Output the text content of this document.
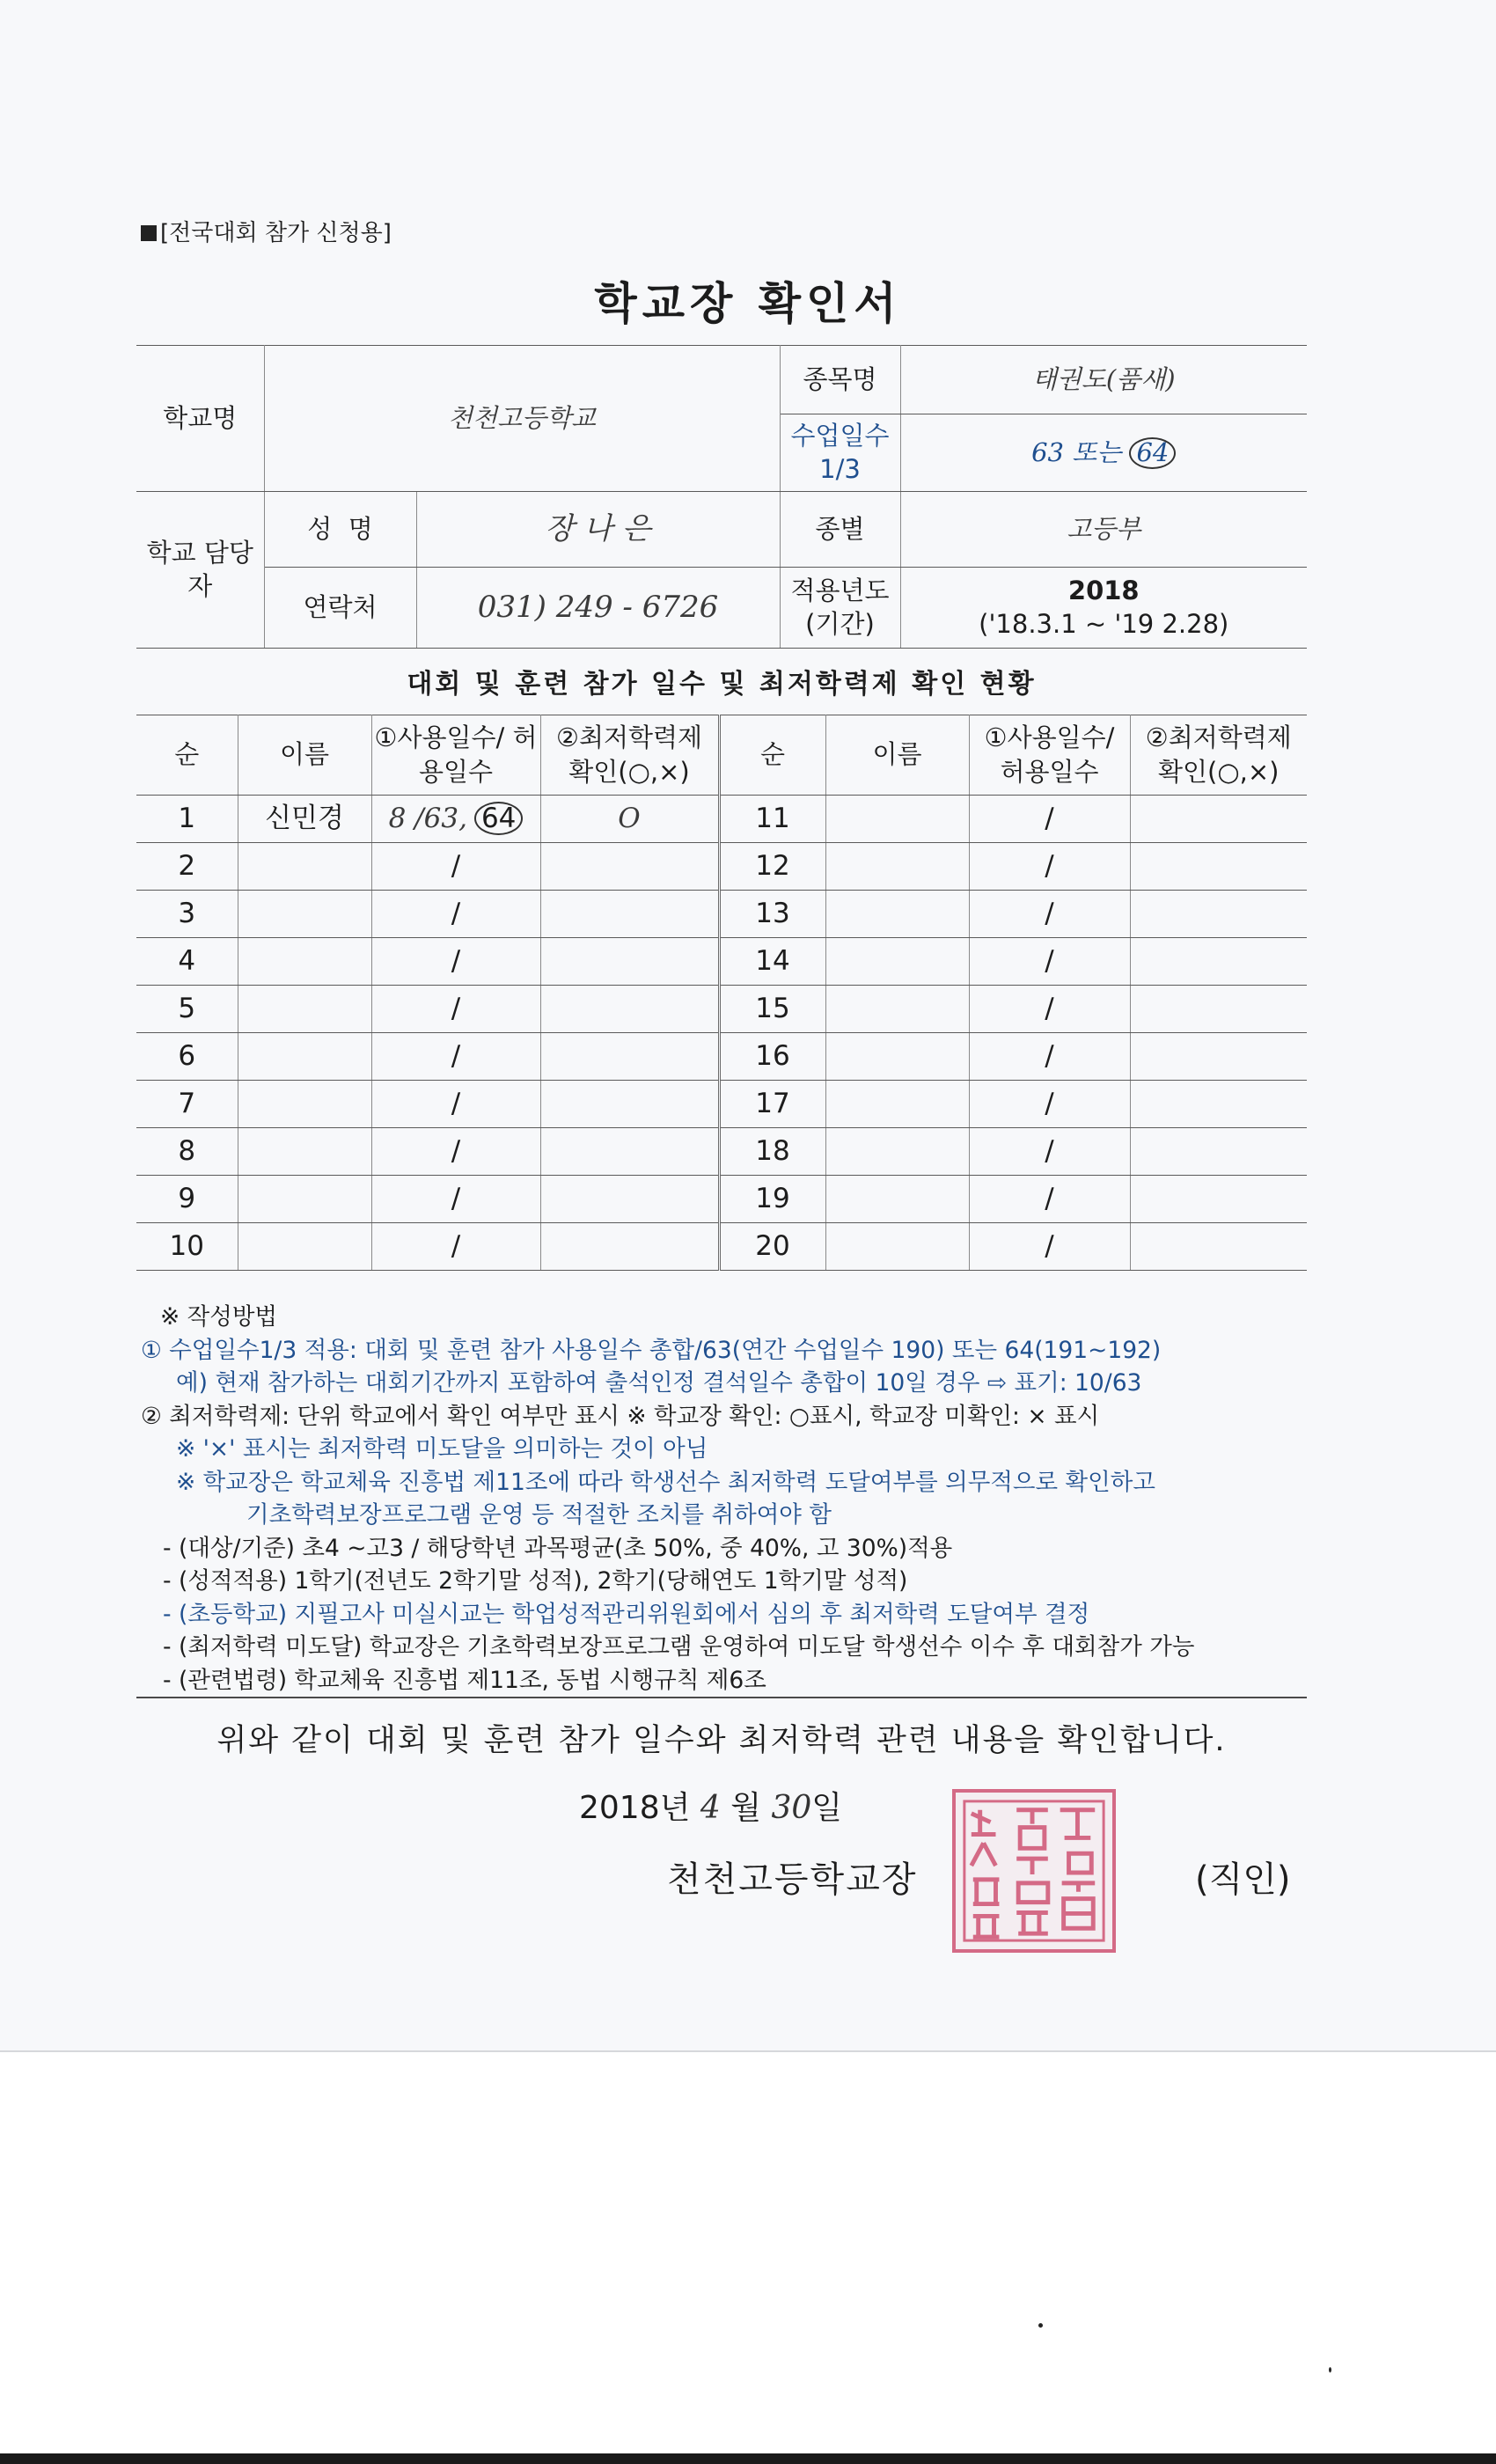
[전국대회 참가 신청용]
학교장 확인서
학교명	천천고등학교		종목명	태권도(품새)
			수업일수 1/3	63 또는 64
학교 담당자	성  명	장 나 은	종별	고등부
	연락처	031) 249 - 6726	적용년도 (기간)	2018
('18.3.1 ~ '19 2.28)
대회 및 훈련 참가 일수 및 최저학력제 확인 현황
순	이름	①사용일수/ 허용일수	②최저학력제 확인(○,×)	순	이름	①사용일수/ 허용일수	②최저학력제 확인(○,×)
1	신민경	8 /63, 64	O	11		/	
2		/		12		/	
3		/		13		/	
4		/		14		/	
5		/		15		/	
6		/		16		/	
7		/		17		/	
8		/		18		/	
9		/		19		/	
10		/		20		/	
※ 작성방법
① 수업일수1/3 적용: 대회 및 훈련 참가 사용일수 총합/63(연간 수업일수 190) 또는 64(191~192)
예) 현재 참가하는 대회기간까지 포함하여 출석인정 결석일수 총합이 10일 경우 ⇨ 표기: 10/63
② 최저학력제: 단위 학교에서 확인 여부만 표시 ※ 학교장 확인: ○표시, 학교장 미확인: × 표시
※ '×' 표시는 최저학력 미도달을 의미하는 것이 아님
※ 학교장은 학교체육 진흥법 제11조에 따라 학생선수 최저학력 도달여부를 의무적으로 확인하고
기초학력보장프로그램 운영 등 적절한 조치를 취하여야 함
- (대상/기준) 초4 ~고3 / 해당학년 과목평균(초 50%, 중 40%, 고 30%)적용
- (성적적용) 1학기(전년도 2학기말 성적), 2학기(당해연도 1학기말 성적)
- (초등학교) 지필고사 미실시교는 학업성적관리위원회에서 심의 후 최저학력 도달여부 결정
- (최저학력 미도달) 학교장은 기초학력보장프로그램 운영하여 미도달 학생선수 이수 후 대회참가 가능
- (관련법령) 학교체육 진흥법 제11조, 동법 시행규칙 제6조
위와 같이 대회 및 훈련 참가 일수와 최저학력 관련 내용을 확인합니다.
2018년 4 월 30일
천천고등학교장	(직인)
